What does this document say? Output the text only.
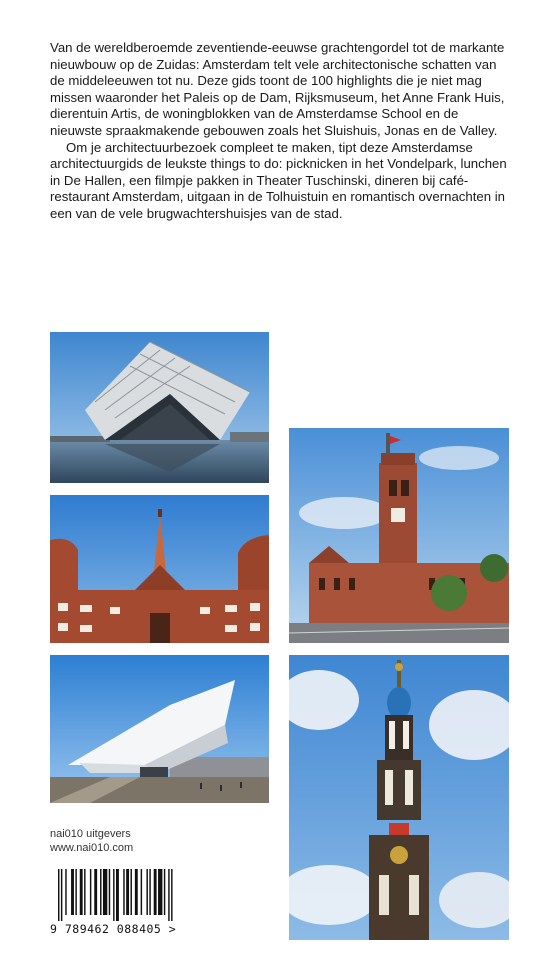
Van de wereldberoemde zeventiende-eeuwse grachtengordel tot de markante nieuwbouw op de Zuidas: Amsterdam telt vele architectonische schatten van de middeleeuwen tot nu. Deze gids toont de 100 highlights die je niet mag missen waaronder het Paleis op de Dam, Rijksmuseum, het Anne Frank Huis, dierentuin Artis, de woningblokken van de Amsterdamse School en de nieuwste spraakmakende gebouwen zoals het Sluishuis, Jonas en de Valley.

Om je architectuurbezoek compleet te maken, tipt deze Amsterdamse architectuurgids de leukste things to do: picknicken in het Vondelpark, lunchen in De Hallen, een filmpje pakken in Theater Tuschinski, dineren bij café-restaurant Amsterdam, uitgaan in de Tolhuistuin en romantisch overnachten in een van de vele brugwachtershuisjes van de stad.

nai010 uitgevers
www.nai010.com
9 789462 088405 >
